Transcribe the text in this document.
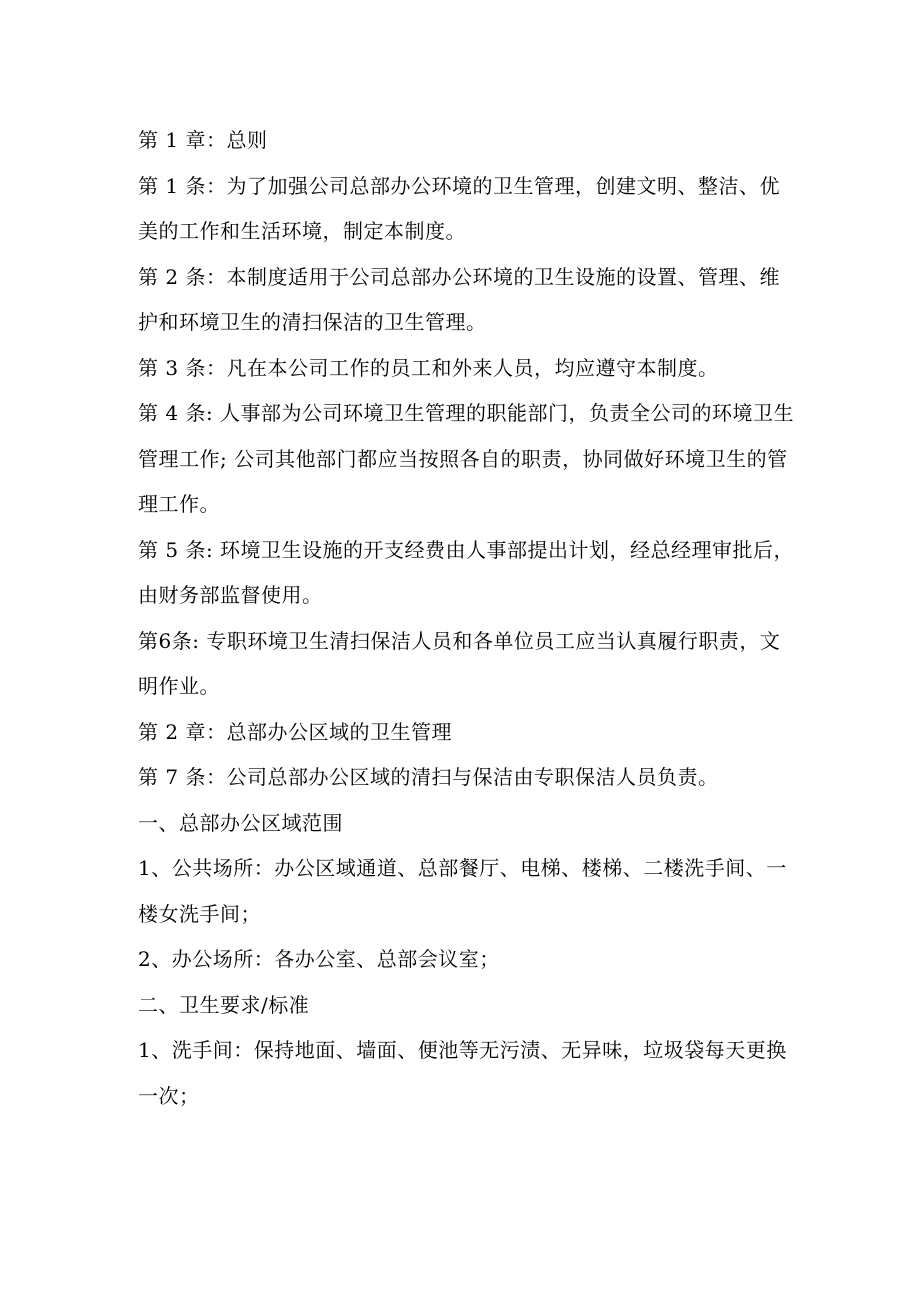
第 1 章：总则

第 1 条：为了加强公司总部办公环境的卫生管理，创建文明、整洁、优美的工作和生活环境，制定本制度。

第 2 条：本制度适用于公司总部办公环境的卫生设施的设置、管理、维护和环境卫生的清扫保洁的卫生管理。

第 3 条：凡在本公司工作的员工和外来人员，均应遵守本制度。

第 4 条: 人事部为公司环境卫生管理的职能部门，负责全公司的环境卫生管理工作; 公司其他部门都应当按照各自的职责，协同做好环境卫生的管理工作。

第 5 条: 环境卫生设施的开支经费由人事部提出计划，经总经理审批后，由财务部监督使用。

第6条: 专职环境卫生清扫保洁人员和各单位员工应当认真履行职责，文明作业。

第 2 章：总部办公区域的卫生管理

第 7 条：公司总部办公区域的清扫与保洁由专职保洁人员负责。

一、总部办公区域范围

1、公共场所：办公区域通道、总部餐厅、电梯、楼梯、二楼洗手间、一楼女洗手间；

2、办公场所：各办公室、总部会议室；

二、卫生要求/标准

1、洗手间：保持地面、墙面、便池等无污渍、无异味，垃圾袋每天更换一次；
